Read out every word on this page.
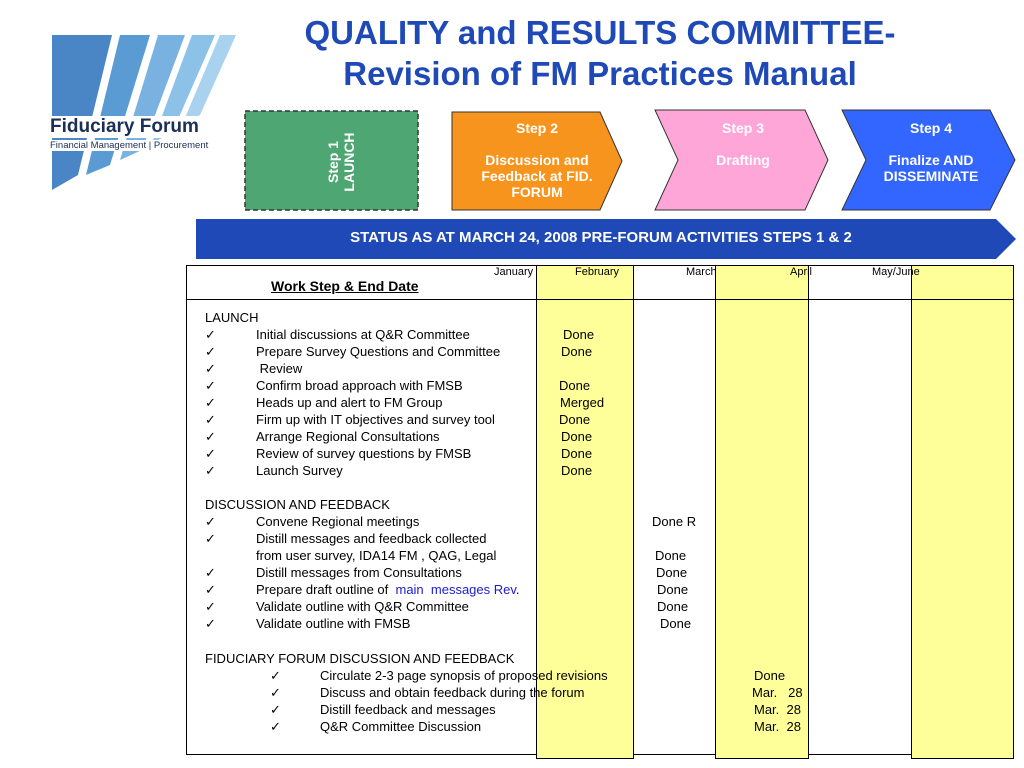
QUALITY and RESULTS COMMITTEE-
Revision of FM Practices Manual
Fiduciary Forum
Financial Management | Procurement	Step 1 LAUNCH
Step 2
Discussion and
Feedback at FID.
FORUM
Step 3
Drafting
Step 4
Finalize AND
DISSEMINATE
STATUS AS AT MARCH 24, 2008 PRE-FORUM ACTIVITIES STEPS 1 & 2
January	February	March	April	May/June
Work Step & End Date
LAUNCH
✓	Initial discussions at Q&R Committee	Done
✓	Prepare Survey Questions and Committee	Done
✓	Review
✓	Confirm broad approach with FMSB	Done
✓	Heads up and alert to FM Group	Merged
✓	Firm up with IT objectives and survey tool	Done
✓	Arrange Regional Consultations	Done
✓	Review of survey questions by FMSB	Done
✓	Launch Survey	Done
DISCUSSION AND FEEDBACK
✓	Convene Regional meetings	Done R
✓	Distill messages and feedback collected
from user survey, IDA14 FM , QAG, Legal	Done
✓	Distill messages from Consultations	Done
✓	Prepare draft outline of  main  messages Rev.	Done
✓	Validate outline with Q&R Committee	Done
✓	Validate outline with FMSB	Done
FIDUCIARY FORUM DISCUSSION AND FEEDBACK
✓	Circulate 2-3 page synopsis of proposed revisions	Done
✓	Discuss and obtain feedback during the forum	Mar.   28
✓	Distill feedback and messages	Mar.  28
✓	Q&R Committee Discussion	Mar.  28
